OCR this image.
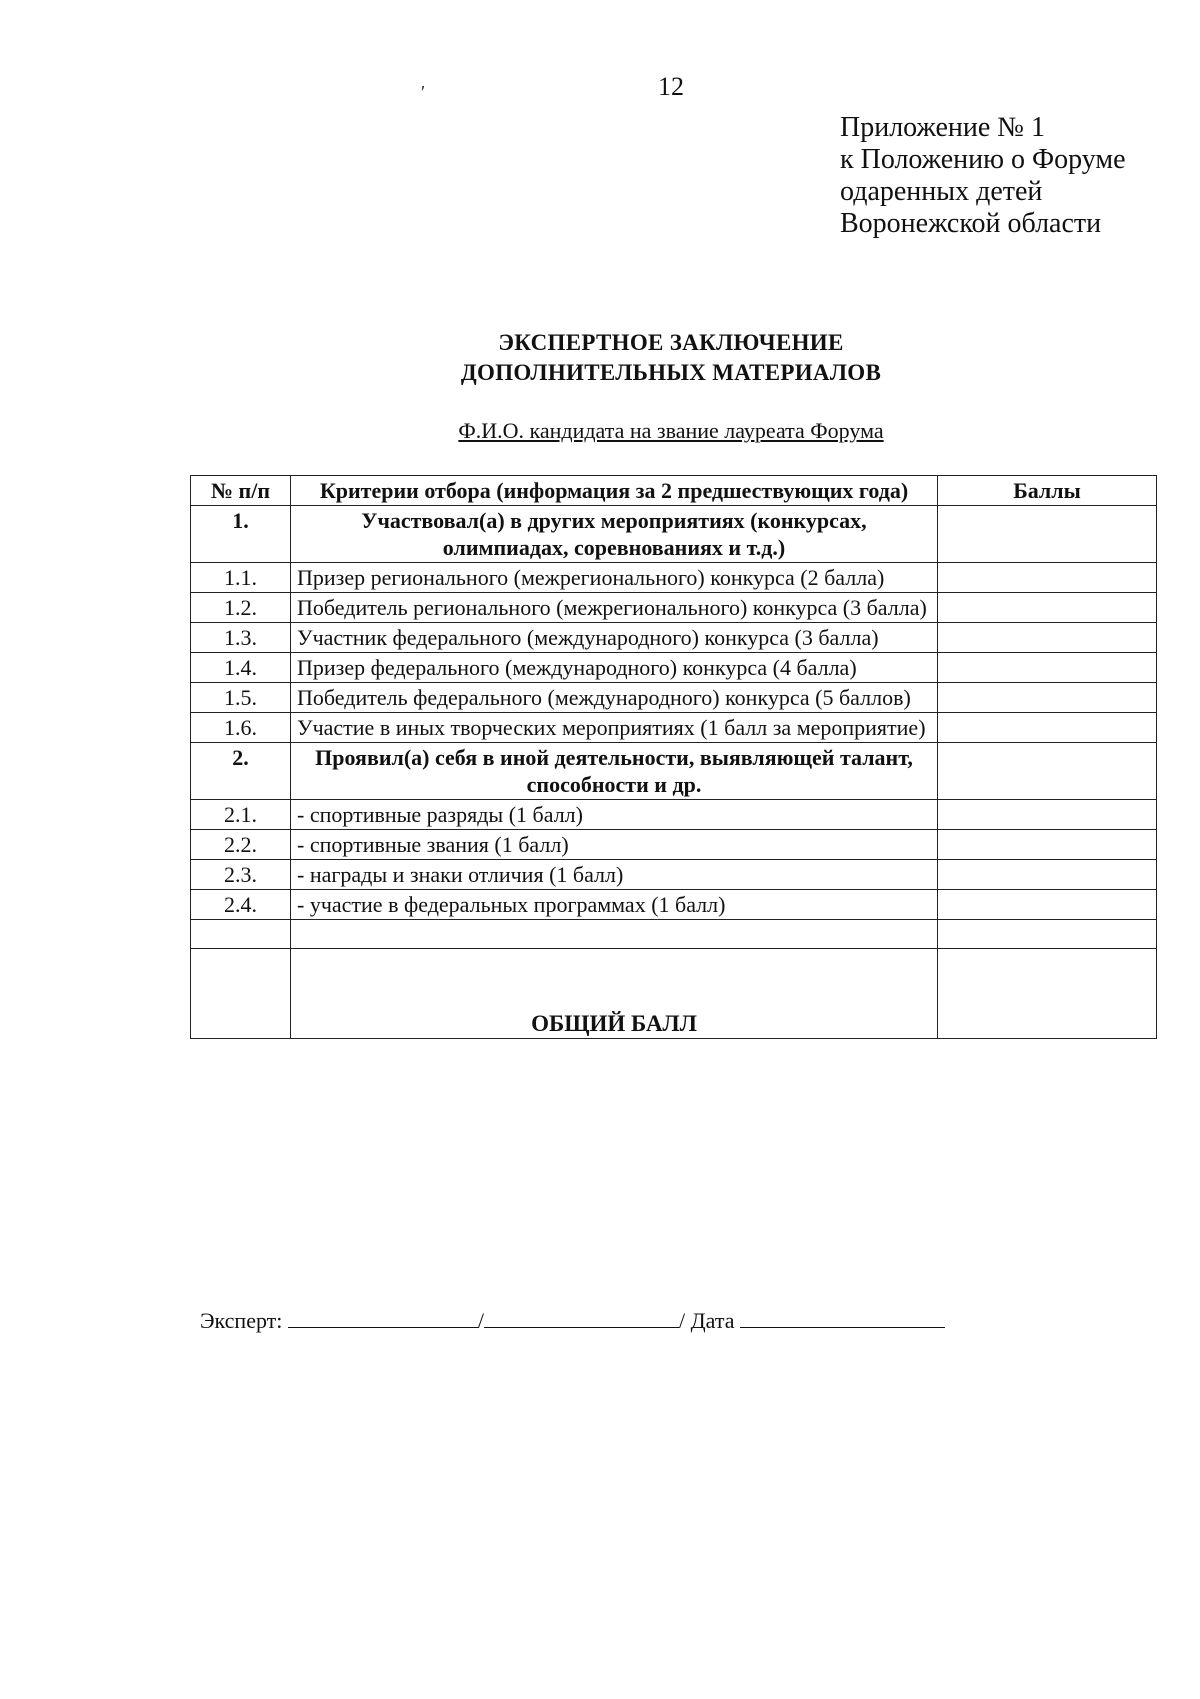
12
'
Приложение № 1
к Положению о Форуме
одаренных детей
Воронежской области
ЭКСПЕРТНОЕ ЗАКЛЮЧЕНИЕ
ДОПОЛНИТЕЛЬНЫХ МАТЕРИАЛОВ
Ф.И.О. кандидата на звание лауреата Форума
№ п/п	Критерии отбора (информация за 2 предшествующих года)	Баллы
1.	Участвовал(а) в других мероприятиях (конкурсах, олимпиадах, соревнованиях и т.д.)	
1.1.	Призер регионального (межрегионального) конкурса (2 балла)	
1.2.	Победитель регионального (межрегионального) конкурса (3 балла)	
1.3.	Участник федерального (международного) конкурса (3 балла)	
1.4.	Призер федерального (международного) конкурса (4 балла)	
1.5.	Победитель федерального (международного) конкурса (5 баллов)	
1.6.	Участие в иных творческих мероприятиях (1 балл за мероприятие)	
2.	Проявил(а) себя в иной деятельности, выявляющей талант, способности и др.	
2.1.	- спортивные разряды (1 балл)	
2.2.	- спортивные звания (1 балл)	
2.3.	- награды и знаки отличия (1 балл)	
2.4.	- участие в федеральных программах (1 балл)	

	ОБЩИЙ БАЛЛ	
Эксперт:	/	/ Дата
